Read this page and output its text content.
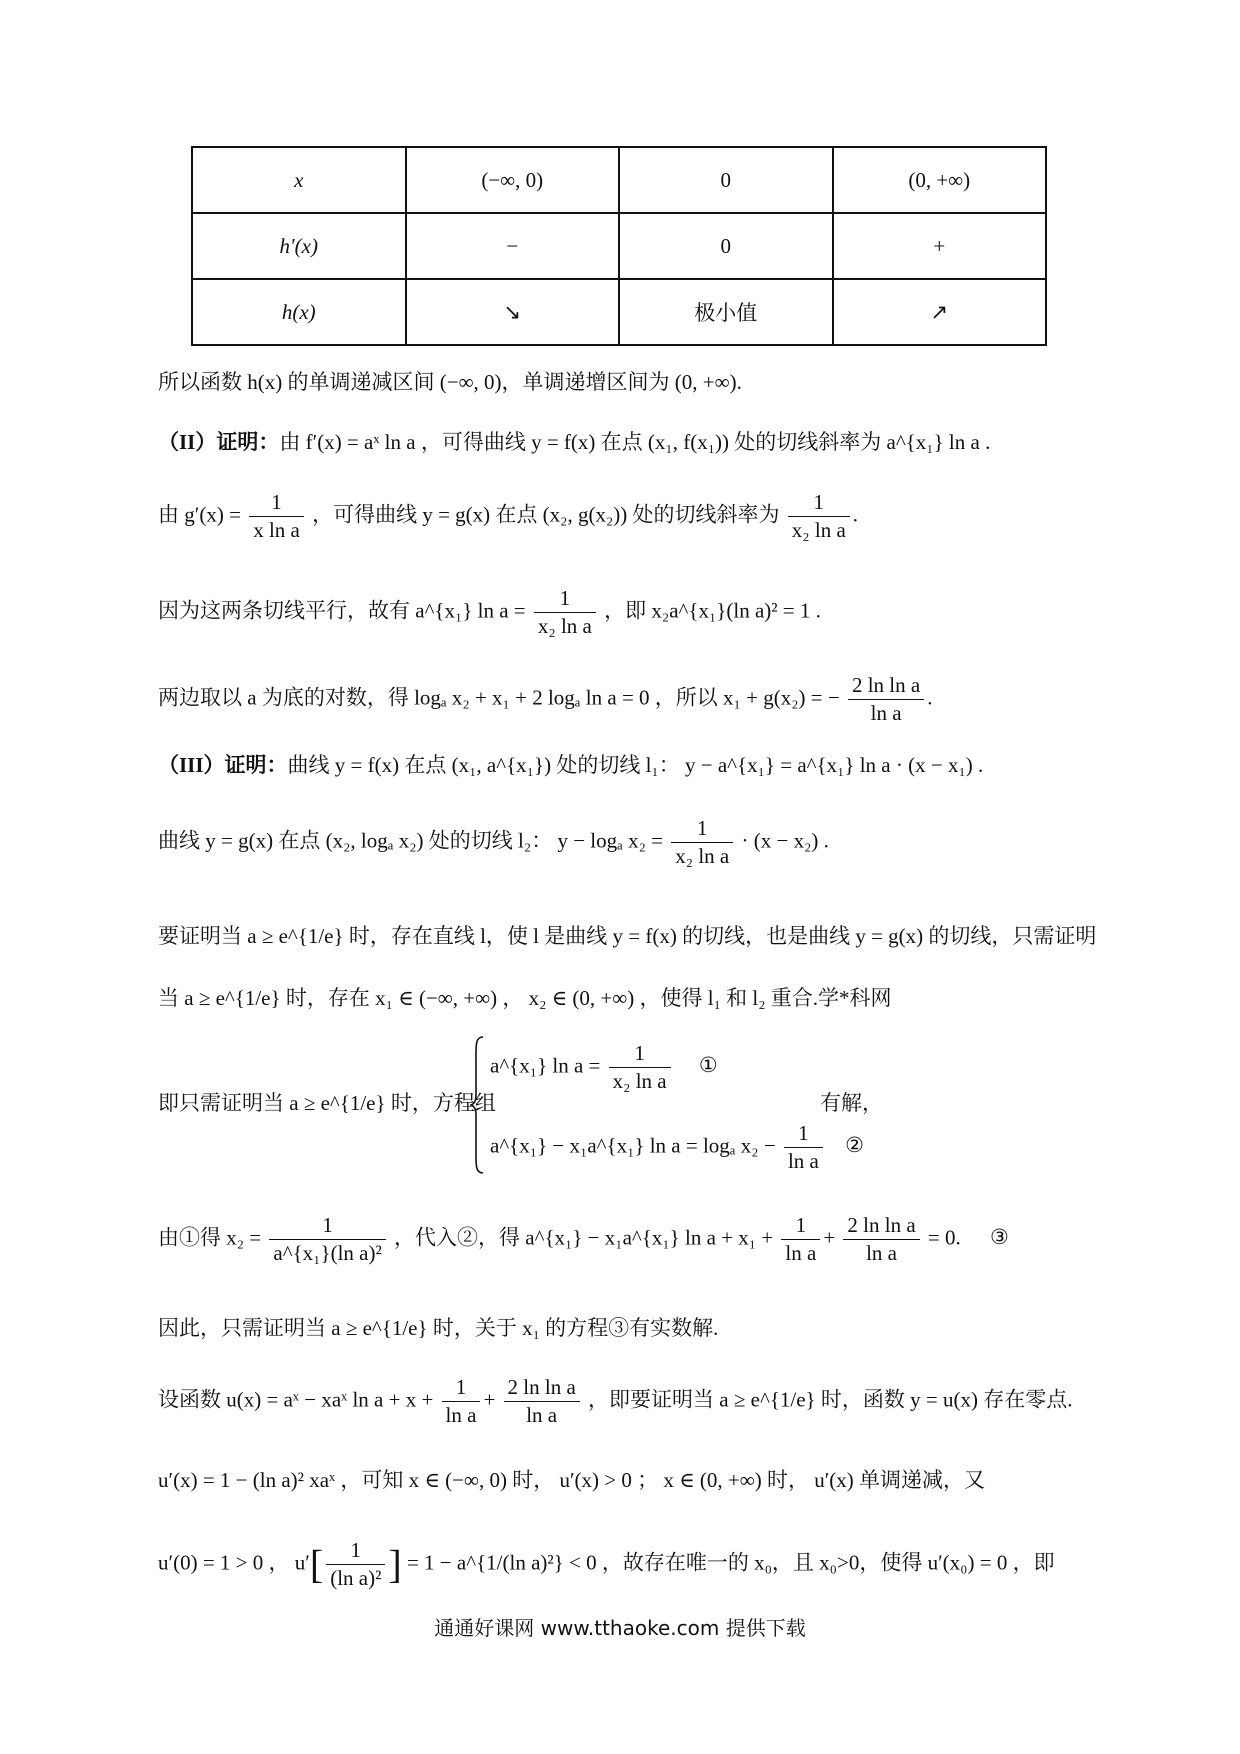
x	(−∞, 0)	0	(0, +∞)
h′(x)	−	0	+
h(x)	↘	极小值	↗
所以函数 h(x) 的单调递减区间 (−∞, 0)，单调递增区间为 (0, +∞).
（II）证明：由 f′(x) = aˣ ln a ，可得曲线 y = f(x) 在点 (x₁, f(x₁)) 处的切线斜率为 a^{x₁} ln a .
由 $g'(x) = \frac{1}{\text{x ln a}}$ ，可得曲线 y = g(x) 在点 (x₂, g(x₂)) 处的切线斜率为 $\frac{1}{\text{x₂ ln a}}$ .
因为这两条切线平行，故有 a^{x₁} $\ln a = \frac{1}{\text{x₂ ln a}}$ ，即 x₂a^{x₁}(ln a)² = 1 .
两边取以 a 为底的对数，得 logₐ x₂ + x₁ + 2 logₐ ln a = 0 ，所以 x₁ + g(x₂) = − $\frac{\text{2 ln ln a}}{\text{ln a}}$ .
（III）证明：曲线 y = f(x) 在点 (x₁, a^{x₁}) 处的切线 l₁： y − a^{x₁} = a^{x₁} ln a · (x − x₁) .
曲线 y = g(x) 在点 (x₂, logₐ x₂) 处的切线 l₂： y − logₐ $x_2 = \frac{1}{\text{x₂ ln a}} \cdot (x - x_2)$ .
要证明当 a ≥ e^{1/e} 时，存在直线 l，使 l 是曲线 y = f(x) 的切线，也是曲线 y = g(x) 的切线，只需证明
当 a ≥ e^{1/e} 时，存在 x₁ ∈ (−∞, +∞) ， x₂ ∈ (0, +∞) ，使得 l₁ 和 l₂ 重合.学*科网
即只需证明当 a ≥ e^{1/e} 时，方程组
a^{x₁} $\ln a = \frac{1}{\text{x₂ ln a}}$ ①
a^{x₁} − x₁a^{x₁} ln a = logₐ $x_2 - \frac{1}{\text{ln a}}$ ②
有解，
由①得 $x_2 = \frac{1}{\text{a\textasciicircum{}\{x₁\}(ln a)²}}$ ，代入②，得 a^{x₁} − x₁a^{x₁} $\ln a + x_1 + \frac{1}{\text{ln a}} + \frac{\text{2 ln ln a}}{\text{ln a}} = 0$. ③
因此，只需证明当 a ≥ e^{1/e} 时，关于 x₁ 的方程③有实数解.
设函数 u(x) = aˣ − xaˣ $\ln a + x + \frac{1}{\text{ln a}} + \frac{\text{2 ln ln a}}{\text{ln a}}$ ，即要证明当 a ≥ e^{1/e} 时，函数 y = u(x) 存在零点.
u′(x) = 1 − (ln a)² xaˣ ，可知 x ∈ (−∞, 0) 时， u′(x) > 0 ； x ∈ (0, +∞) 时， u′(x) 单调递减，又
u′(0) = 1 > 0 ， $u'[ \frac{1}{\text{(ln a)²}}$ ] = 1 − a^{1/(ln a)²} < 0 ，故存在唯一的 x₀，且 x₀>0，使得 u′(x₀) = 0 ，即
通通好课网 www.tthaoke.com 提供下载
